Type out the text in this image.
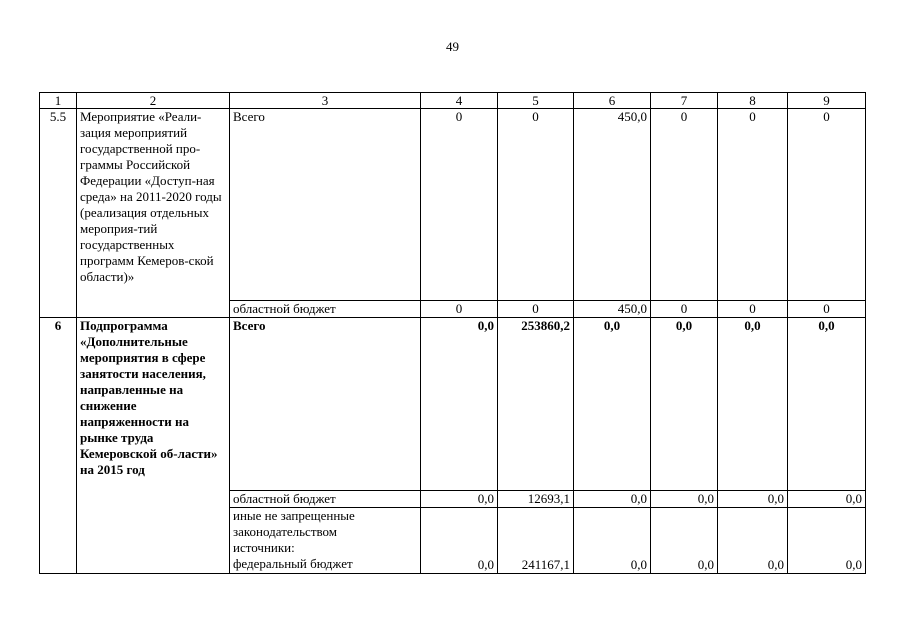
49
1	2	3	4	5	6	7	8	9
5.5	Мероприятие «Реали-зация мероприятий государственной про-граммы Российской Федерации «Доступ-ная среда» на 2011-2020 годы (реализация отдельных мероприя-тий государственных программ Кемеров-ской области)»	Всего	0	0	450,0	0	0	0
		областной бюджет	0	0	450,0	0	0	0
6	Подпрограмма «Дополнительные мероприятия в сфере занятости населения, направленные на снижение напряженности на рынке труда Кемеровской об-ласти» на 2015 год	Всего	0,0	253860,2	0,0	0,0	0,0	0,0
		областной бюджет	0,0	12693,1	0,0	0,0	0,0	0,0

		иные не запрещенные
законодательством
источники:
федеральный бюджет	0,0	241167,1	0,0	0,0	0,0	0,0
